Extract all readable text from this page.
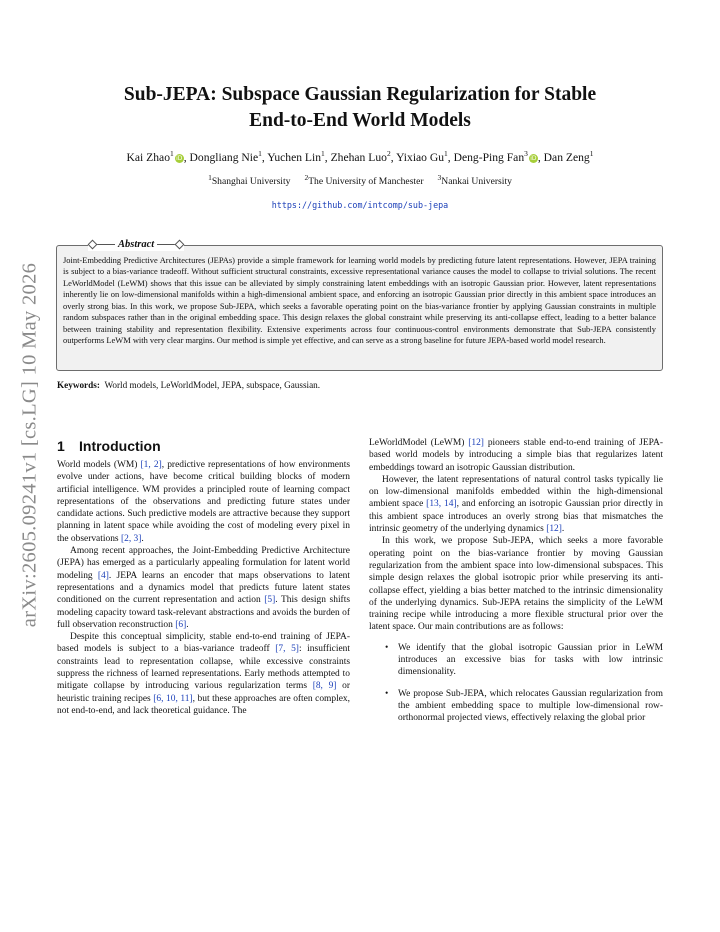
arXiv:2605.09241v1 [cs.LG] 10 May 2026
Sub-JEPA: Subspace Gaussian Regularization for Stable
End-to-End World Models
Kai Zhao$^1$iD, Dongliang Nie$^1$, Yuchen Lin$^1$, Zhehan Luo$^2$, Yixiao Gu$^1$, Deng-Ping Fan$^3$iD, Dan Zeng$^1$
$^1$Shanghai University $^2$The University of Manchester $^3$Nankai University
https://github.com/intcomp/sub-jepa
Abstract
Joint-Embedding Predictive Architectures (JEPAs) provide a simple framework for learning world models by predicting future latent representations. However, JEPA training is subject to a bias-variance tradeoff. Without sufficient structural constraints, excessive representational variance causes the model to collapse to trivial solutions. The recent LeWorldModel (LeWM) shows that this issue can be alleviated by simply constraining latent embeddings with an isotropic Gaussian prior. However, latent representations inherently lie on low-dimensional manifolds within a high-dimensional ambient space, and enforcing an isotropic Gaussian prior directly in this ambient space introduces an overly strong bias. In this work, we propose Sub-JEPA, which seeks a favorable operating point on the bias-variance frontier by applying Gaussian constraints in multiple random subspaces rather than in the original embedding space. This design relaxes the global constraint while preserving its anti-collapse effect, leading to a better balance between training stability and representation flexibility. Extensive experiments across four continuous-control environments demonstrate that Sub-JEPA consistently outperforms LeWM with very clear margins. Our method is simple yet effective, and can serve as a strong baseline for future JEPA-based world model research.
Keywords: World models, LeWorldModel, JEPA, subspace, Gaussian.
1 Introduction

World models (WM) [1, 2], predictive representations of how environments evolve under actions, have become critical building blocks of modern artificial intelligence. WM provides a principled route of learning compact representations of the observations and predicting future states under candidate actions. Such predictive models are attractive because they support planning in latent space while avoiding the cost of modeling every pixel in the observations [2, 3].

Among recent approaches, the Joint-Embedding Predictive Architecture (JEPA) has emerged as a particularly appealing formulation for latent world modeling [4]. JEPA learns an encoder that maps observations to latent representations and a dynamics model that predicts future latent states conditioned on the current representation and action [5]. This design shifts modeling capacity toward task-relevant abstractions and avoids the burden of full observation reconstruction [6].

Despite this conceptual simplicity, stable end-to-end training of JEPA-based models is subject to a bias-variance tradeoff [7, 5]: insufficient constraints lead to representation collapse, while excessive constraints suppress the richness of learned representations. Early methods attempted to mitigate collapse by introducing various regularization terms [8, 9] or heuristic training recipes [6, 10, 11], but these approaches are often complex, not end-to-end, and lack theoretical guidance. The

LeWorldModel (LeWM) [12] pioneers stable end-to-end training of JEPA-based world models by introducing a simple bias that regularizes latent embeddings toward an isotropic Gaussian distribution.

However, the latent representations of natural control tasks typically lie on low-dimensional manifolds embedded within the high-dimensional ambient space [13, 14], and enforcing an isotropic Gaussian prior directly in this ambient space introduces an overly strong bias that mismatches the intrinsic geometry of the underlying dynamics [12].

In this work, we propose Sub-JEPA, which seeks a more favorable operating point on the bias-variance frontier by moving Gaussian regularization from the ambient space into low-dimensional subspaces. This simple design relaxes the global isotropic prior while preserving its anti-collapse effect, yielding a bias better matched to the intrinsic dimensionality of the underlying dynamics. Sub-JEPA retains the simplicity of the LeWM training recipe while introducing a more flexible structural prior over the latent space. Our main contributions are as follows:

• We identify that the global isotropic Gaussian prior in LeWM introduces an excessive bias for tasks with low intrinsic dimensionality.
• We propose Sub-JEPA, which relocates Gaussian regularization from the ambient embedding space to multiple low-dimensional row-orthonormal projected views, effectively relaxing the global prior
